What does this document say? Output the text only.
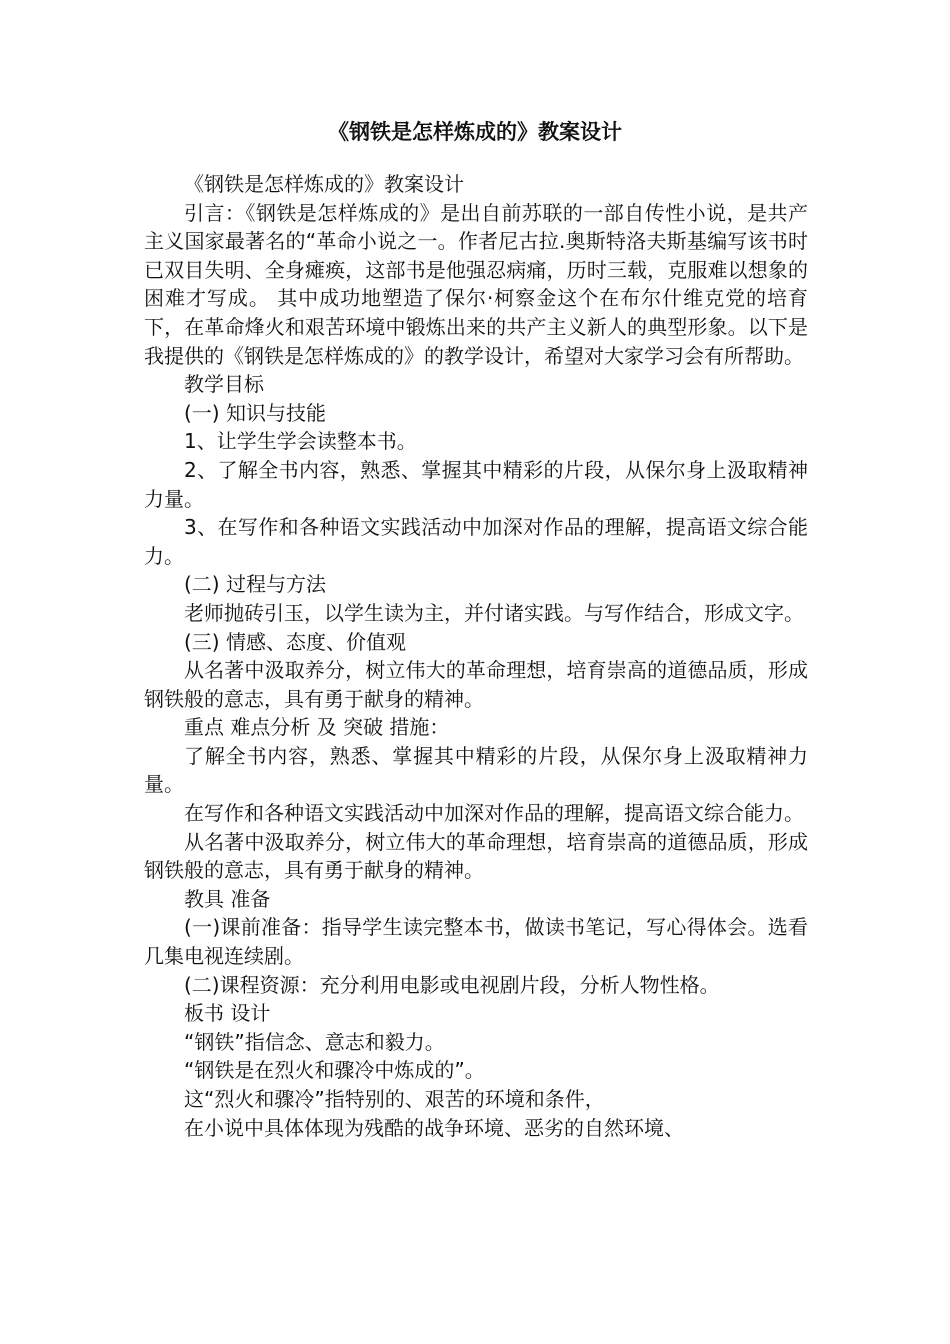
《钢铁是怎样炼成的》教案设计

《钢铁是怎样炼成的》教案设计

引言：《钢铁是怎样炼成的》是出自前苏联的一部自传性小说，是共产主义国家最著名的“革命小说之一。作者尼古拉.奥斯特洛夫斯基编写该书时已双目失明、全身瘫痪，这部书是他强忍病痛，历时三载，克服难以想象的困难才写成。 其中成功地塑造了保尔·柯察金这个在布尔什维克党的培育下，在革命烽火和艰苦环境中锻炼出来的共产主义新人的典型形象。以下是我提供的《钢铁是怎样炼成的》的教学设计，希望对大家学习会有所帮助。

教学目标

(一) 知识与技能

1、让学生学会读整本书。

2、了解全书内容，熟悉、掌握其中精彩的片段，从保尔身上汲取精神力量。

3、在写作和各种语文实践活动中加深对作品的理解，提高语文综合能力。

(二) 过程与方法

老师抛砖引玉，以学生读为主，并付诸实践。与写作结合，形成文字。

(三) 情感、态度、价值观

从名著中汲取养分，树立伟大的革命理想，培育崇高的道德品质，形成钢铁般的意志，具有勇于献身的精神。

重点 难点分析 及 突破 措施：

了解全书内容，熟悉、掌握其中精彩的片段，从保尔身上汲取精神力量。

在写作和各种语文实践活动中加深对作品的理解，提高语文综合能力。

从名著中汲取养分，树立伟大的革命理想，培育崇高的道德品质，形成钢铁般的意志，具有勇于献身的精神。

教具 准备

(一)课前准备：指导学生读完整本书，做读书笔记，写心得体会。选看几集电视连续剧。

(二)课程资源：充分利用电影或电视剧片段，分析人物性格。

板书 设计

“钢铁”指信念、意志和毅力。

“钢铁是在烈火和骤冷中炼成的”。

这“烈火和骤冷”指特别的、艰苦的环境和条件，

在小说中具体体现为残酷的战争环境、恶劣的自然环境、
